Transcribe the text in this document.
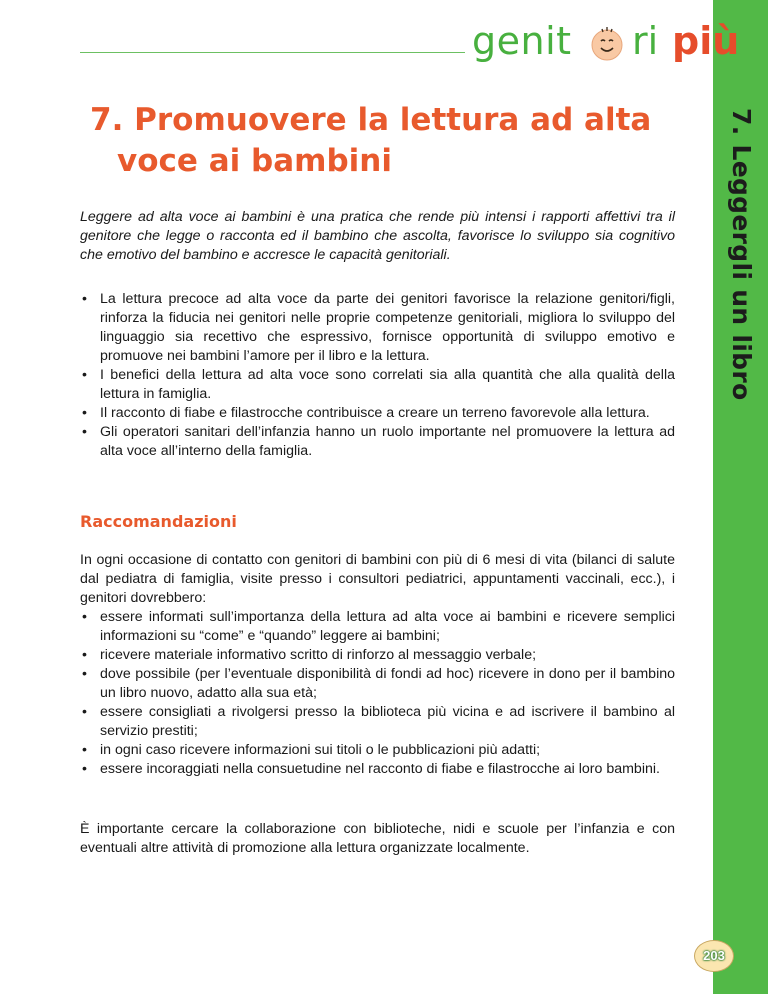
7. Leggergli un libro
genit ri più
7. Promuovere la lettura ad alta
voce ai bambini

Leggere ad alta voce ai bambini è una pratica che rende più intensi i rapporti affettivi tra il genitore che legge o racconta ed il bambino che ascolta, favorisce lo sviluppo sia cognitivo che emotivo del bambino e accresce le capacità genitoriali.

• La lettura precoce ad alta voce da parte dei genitori favorisce la relazione genitori/figli, rinforza la fiducia nei genitori nelle proprie competenze genitoriali, migliora lo sviluppo del linguaggio sia recettivo che espressivo, fornisce opportunità di sviluppo emotivo e promuove nei bambini l’amore per il libro e la lettura.
• I benefici della lettura ad alta voce sono correlati sia alla quantità che alla qualità della lettura in famiglia.
• Il racconto di fiabe e filastrocche contribuisce a creare un terreno favorevole alla lettura.
• Gli operatori sanitari dell’infanzia hanno un ruolo importante nel promuovere la lettura ad alta voce all’interno della famiglia.
Raccomandazioni

In ogni occasione di contatto con genitori di bambini con più di 6 mesi di vita (bilanci di salute dal pediatra di famiglia, visite presso i consultori pediatrici, appuntamenti vaccinali, ecc.), i genitori dovrebbero:

• essere informati sull’importanza della lettura ad alta voce ai bambini e ricevere semplici informazioni su “come” e “quando” leggere ai bambini;
• ricevere materiale informativo scritto di rinforzo al messaggio verbale;
• dove possibile (per l’eventuale disponibilità di fondi ad hoc) ricevere in dono per il bambino un libro nuovo, adatto alla sua età;
• essere consigliati a rivolgersi presso la biblioteca più vicina e ad iscrivere il bambino al servizio prestiti;
• in ogni caso ricevere informazioni sui titoli o le pubblicazioni più adatti;
• essere incoraggiati nella consuetudine nel racconto di fiabe e filastrocche ai loro bambini.

È importante cercare la collaborazione con biblioteche, nidi e scuole per l’infanzia e con eventuali altre attività di promozione alla lettura organizzate localmente.

203
